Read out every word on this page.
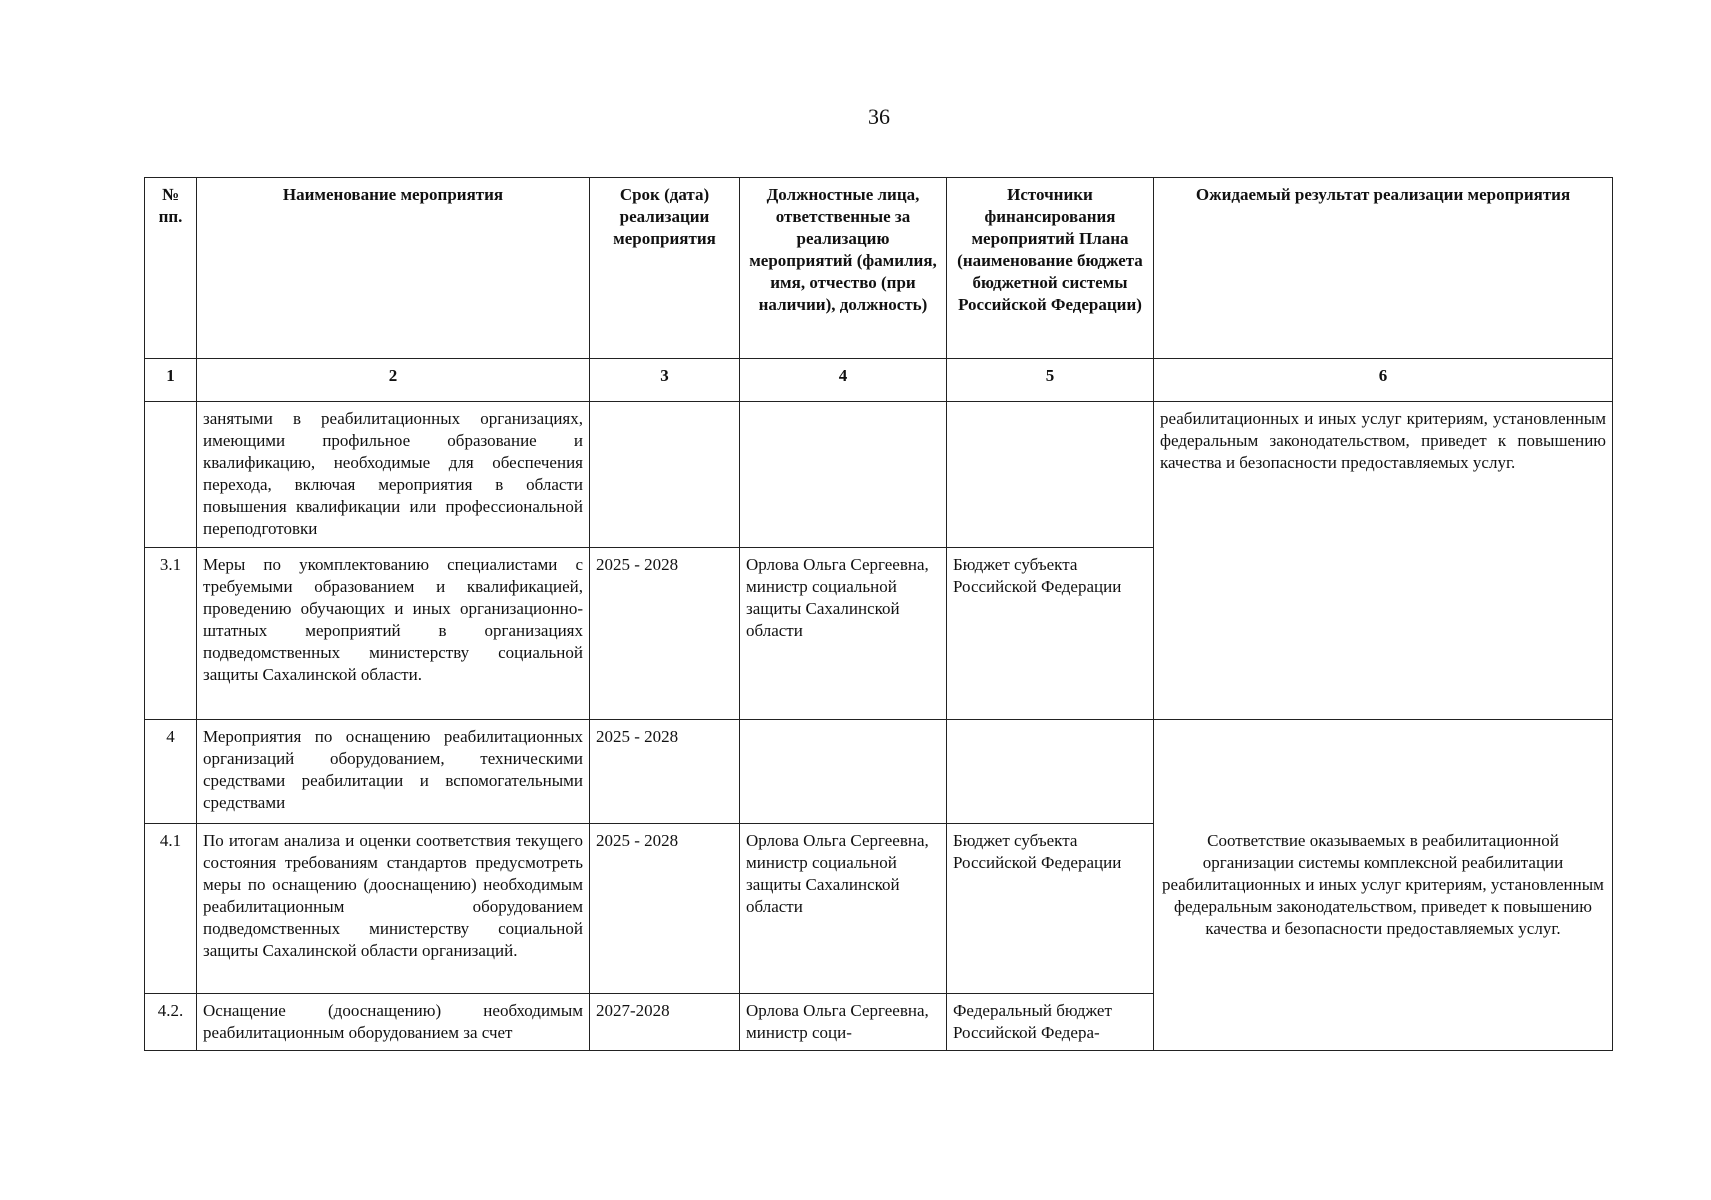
36
№ пп.	Наименование мероприятия	Срок (дата) реализации мероприятия	Должностные лица, ответственные за реализацию мероприятий (фамилия, имя, отчество (при наличии), должность)	Источники финансирования мероприятий Плана (наименование бюджета бюджетной системы Российской Федерации)	Ожидаемый результат реализации мероприятия
1	2	3	4	5	6
	занятыми в реабилитационных организациях, имеющими профильное образование и квалификацию, необходимые для обеспечения перехода, включая мероприятия в области повышения квалификации или профессиональной переподготовки				реабилитационных и иных услуг критериям, установленным федеральным законодательством, приведет к повышению качества и безопасности предоставляемых услуг.
3.1	Меры по укомплектованию специалистами с требуемыми образованием и квалификацией, проведению обучающих и иных организационно-штатных мероприятий в организациях подведомственных министерству социальной защиты Сахалинской области.	2025 - 2028	Орлова Ольга Сергеевна, министр социальной защиты Сахалинской области	Бюджет субъекта Российской Федерации	
4	Мероприятия по оснащению реабилитационных организаций оборудованием, техническими средствами реабилитации и вспомогательными средствами	2025 - 2028			Соответствие оказываемых в реабилитационной организации системы комплексной реабилитации реабилитационных и иных услуг критериям, установленным федеральным законодательством, приведет к повышению качества и безопасности предоставляемых услуг.
4.1	По итогам анализа и оценки соответствия текущего состояния требованиям стандартов предусмотреть меры по оснащению (дооснащению) необходимым реабилитационным оборудованием подведомственных министерству социальной защиты Сахалинской области организаций.	2025 - 2028	Орлова Ольга Сергеевна, министр социальной защиты Сахалинской области	Бюджет субъекта Российской Федерации	
4.2.	Оснащение (дооснащению) необходимым реабилитационным оборудованием за счет	2027-2028	Орлова Ольга Сергеевна, министр соци-	Федеральный бюджет Российской Федера-	
